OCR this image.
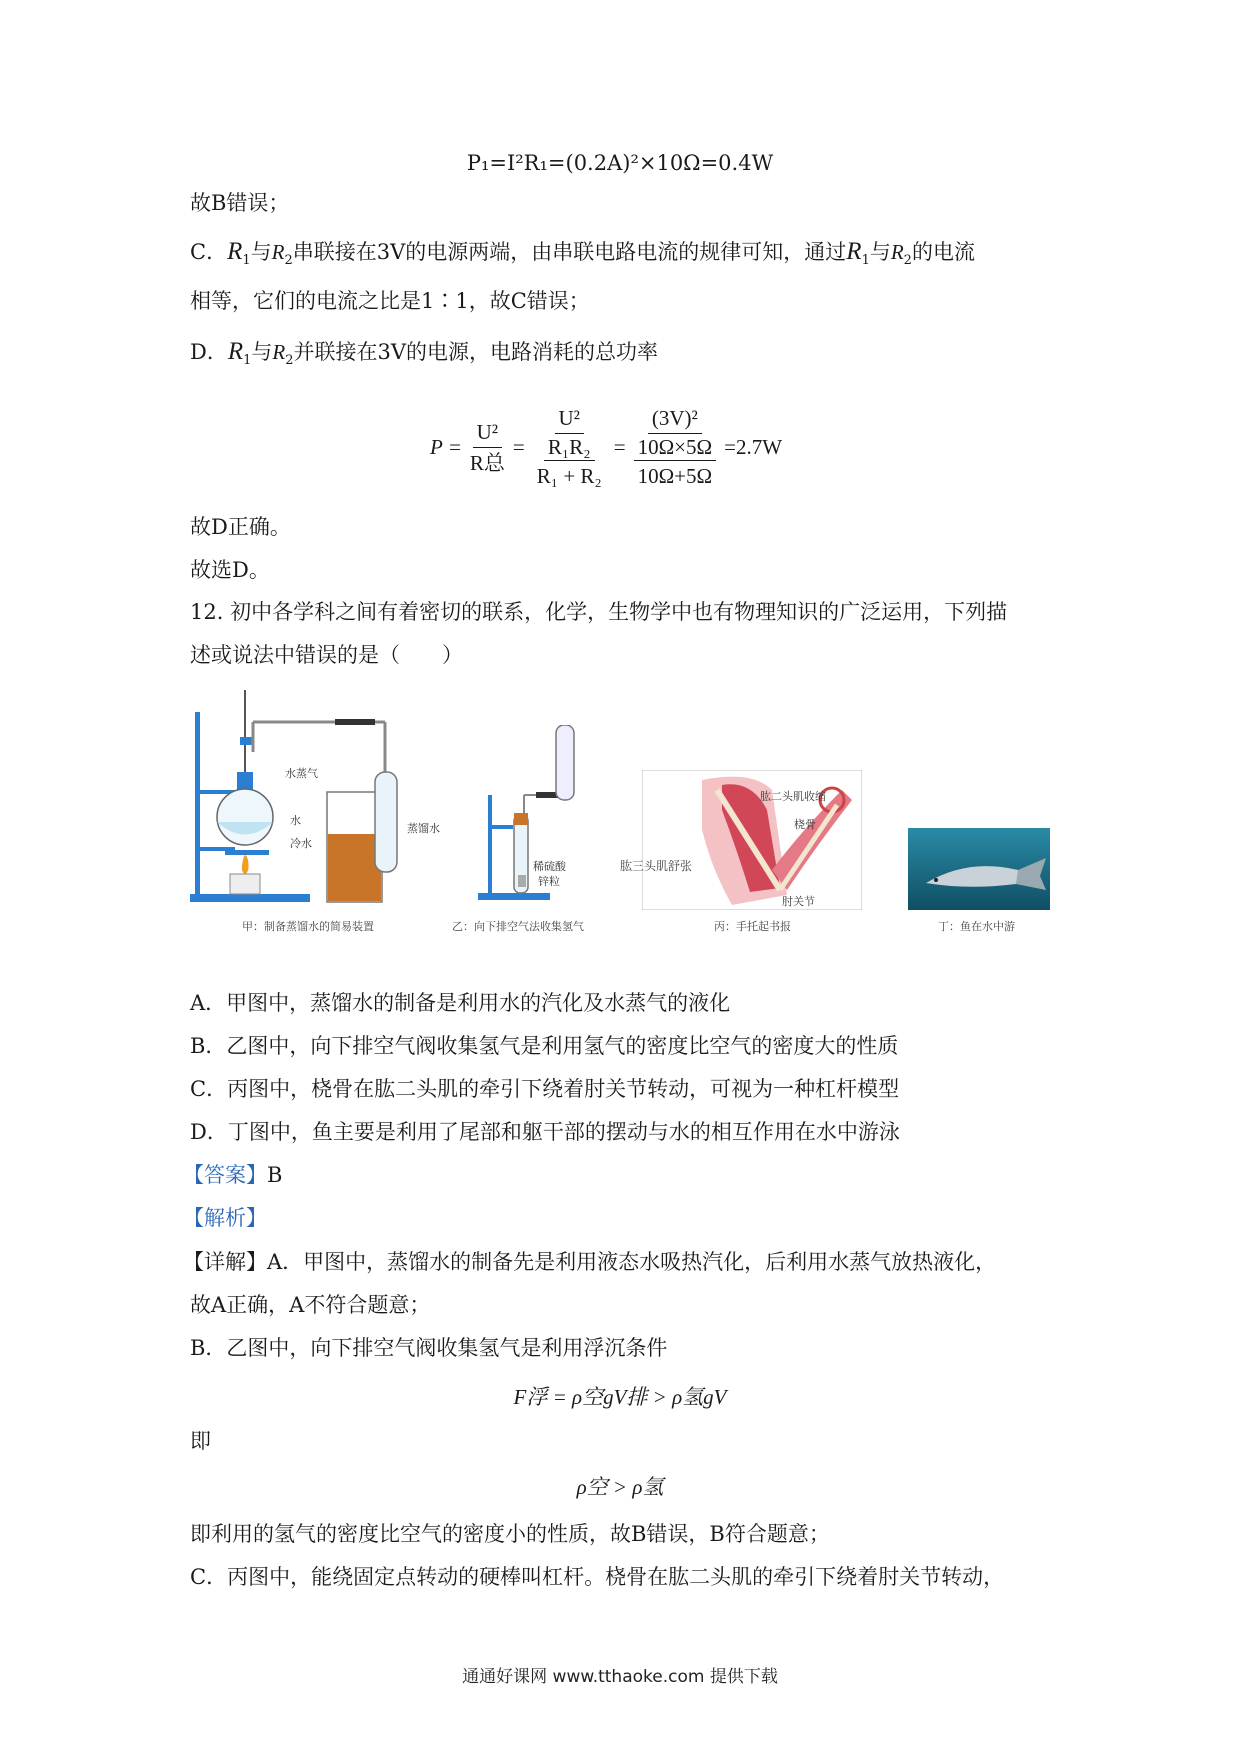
P₁=I²R₁=(0.2A)²×10Ω=0.4W
故B错误；
C．$R_1$与$R_2$串联接在3V的电源两端，由串联电路电流的规律可知，通过$R_1$与$R_2$的电流
相等，它们的电流之比是1∶1，故C错误；
D．$R_1$与$R_2$并联接在3V的电源，电路消耗的总功率
$P = \frac{\text{U²}}{\text{R总}} = \frac{\text{U²}}{\frac{\text{R₁R₂}}{\text{R₁ + R₂}}} = \frac{\text{(3V)²}}{\frac{10\Omega\times 5\Omega}{10\Omega+5\Omega}} =2.7W$
故D正确。
故选D。
12. 初中各学科之间有着密切的联系，化学，生物学中也有物理知识的广泛运用，下列描
述或说法中错误的是（　　）
水蒸气
水
冷水
蒸馏水
甲：制备蒸馏水的简易装置
稀硫酸
锌粒
乙：向下排空气法收集氢气
肱二头肌收缩
桡骨
肘关节
肱三头肌舒张
丙：手托起书报	丁：鱼在水中游
A．甲图中，蒸馏水的制备是利用水的汽化及水蒸气的液化
B．乙图中，向下排空气阀收集氢气是利用氢气的密度比空气的密度大的性质
C．丙图中，桡骨在肱二头肌的牵引下绕着肘关节转动，可视为一种杠杆模型
D．丁图中，鱼主要是利用了尾部和躯干部的摆动与水的相互作用在水中游泳
【答案】B
【解析】
【详解】A．甲图中，蒸馏水的制备先是利用液态水吸热汽化，后利用水蒸气放热液化，
故A正确，A不符合题意；
B．乙图中，向下排空气阀收集氢气是利用浮沉条件
F浮 = ρ空gV排 > ρ氢gV
即
ρ空 > ρ氢
即利用的氢气的密度比空气的密度小的性质，故B错误，B符合题意；
C．丙图中，能绕固定点转动的硬棒叫杠杆。桡骨在肱二头肌的牵引下绕着肘关节转动，
通通好课网 www.tthaoke.com 提供下载
